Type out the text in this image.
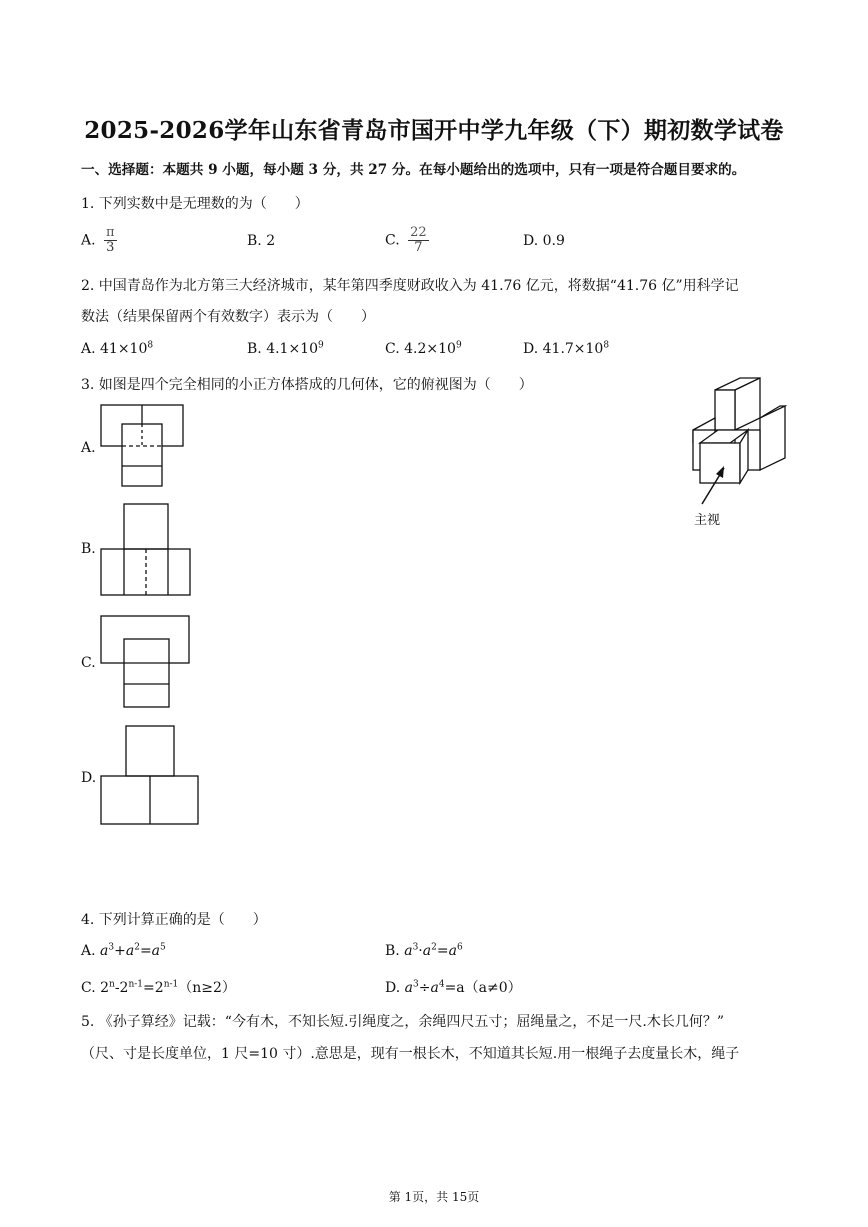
2025-2026学年山东省青岛市国开中学九年级（下）期初数学试卷
一、选择题：本题共 9 小题，每小题 3 分，共 27 分。在每小题给出的选项中，只有一项是符合题目要求的。
1. 下列实数中是无理数的为（　　）
A. $\frac{\pi}{3}$	B. 2	C. $\frac{22}{7}$	D. 0.9
2. 中国青岛作为北方第三大经济城市，某年第四季度财政收入为 41.76 亿元，将数据“41.76 亿”用科学记
数法（结果保留两个有效数字）表示为（　　）
A. $41\times 10^8$	B. $4.1\times 10^9$	C. $4.2\times 10^9$	D. $41.7\times 10^8$
3. 如图是四个完全相同的小正方体搭成的几何体，它的俯视图为（　　）
主视
A.
B.
C.
D.
4. 下列计算正确的是（　　）
A. $a^3+a^2=a^5$	B. $a^3\cdot a^2=a^6$
C. $2^n-2^{n-1}=2^{n-1}(n\ge 2)$	D. $a^3\div a^4=a(a\ne 0)$
5. 《孙子算经》记载：“今有木，不知长短.引绳度之，余绳四尺五寸；屈绳量之，不足一尺.木长几何？”
（尺、寸是长度单位，1 尺=10 寸）.意思是，现有一根长木，不知道其长短.用一根绳子去度量长木，绳子
第 1页，共 15页
